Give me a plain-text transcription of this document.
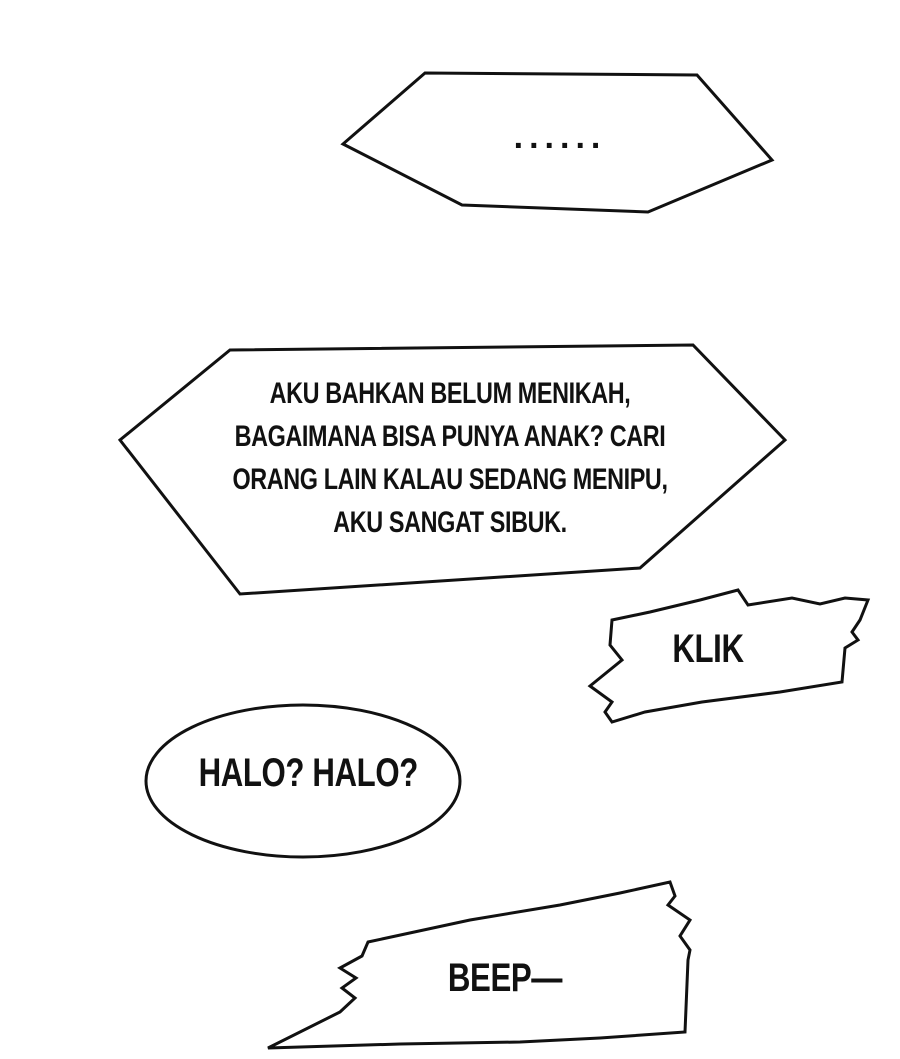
......
AKU BAHKAN BELUM MENIKAH,
BAGAIMANA BISA PUNYA ANAK? CARI
ORANG LAIN KALAU SEDANG MENIPU,
AKU SANGAT SIBUK.
KLIK
HALO? HALO?
BEEP—
